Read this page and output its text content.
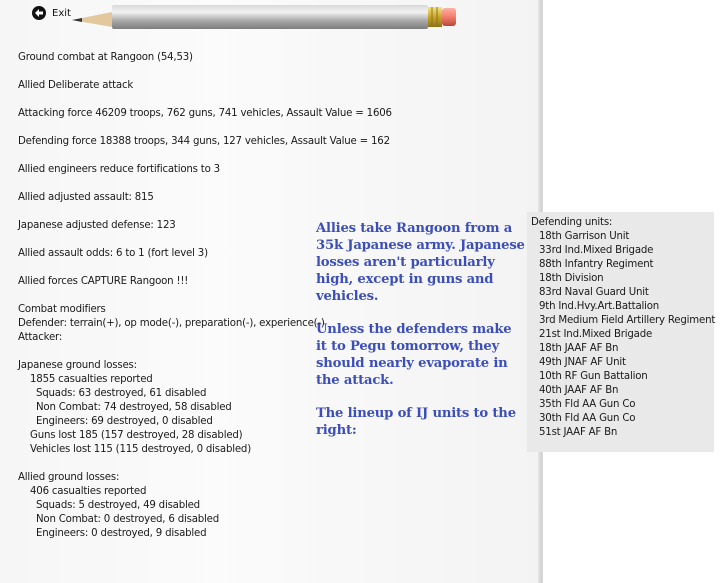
Exit
Ground combat at Rangoon (54,53)
Allied Deliberate attack
Attacking force 46209 troops, 762 guns, 741 vehicles, Assault Value = 1606
Defending force 18388 troops, 344 guns, 127 vehicles, Assault Value = 162
Allied engineers reduce fortifications to 3
Allied adjusted assault: 815
Japanese adjusted defense: 123
Allied assault odds: 6 to 1 (fort level 3)
Allied forces CAPTURE Rangoon !!!
Combat modifiers
Defender: terrain(+), op mode(-), preparation(-), experience(-)
Attacker:
Japanese ground losses:
1855 casualties reported
Squads: 63 destroyed, 61 disabled
Non Combat: 74 destroyed, 58 disabled
Engineers: 69 destroyed, 0 disabled
Guns lost 185 (157 destroyed, 28 disabled)
Vehicles lost 115 (115 destroyed, 0 disabled)
Allied ground losses:
406 casualties reported
Squads: 5 destroyed, 49 disabled
Non Combat: 0 destroyed, 6 disabled
Engineers: 0 destroyed, 9 disabled

Allies take Rangoon from a 35k Japanese army. Japanese losses aren't particularly high, except in guns and vehicles.

Unless the defenders make it to Pegu tomorrow, they should nearly evaporate in the attack.

The lineup of IJ units to the right:

Defending units:
18th Garrison Unit
33rd Ind.Mixed Brigade
88th Infantry Regiment
18th Division
83rd Naval Guard Unit
9th Ind.Hvy.Art.Battalion
3rd Medium Field Artillery Regiment
21st Ind.Mixed Brigade
18th JAAF AF Bn
49th JNAF AF Unit
10th RF Gun Battalion
40th JAAF AF Bn
35th Fld AA Gun Co
30th Fld AA Gun Co
51st JAAF AF Bn
